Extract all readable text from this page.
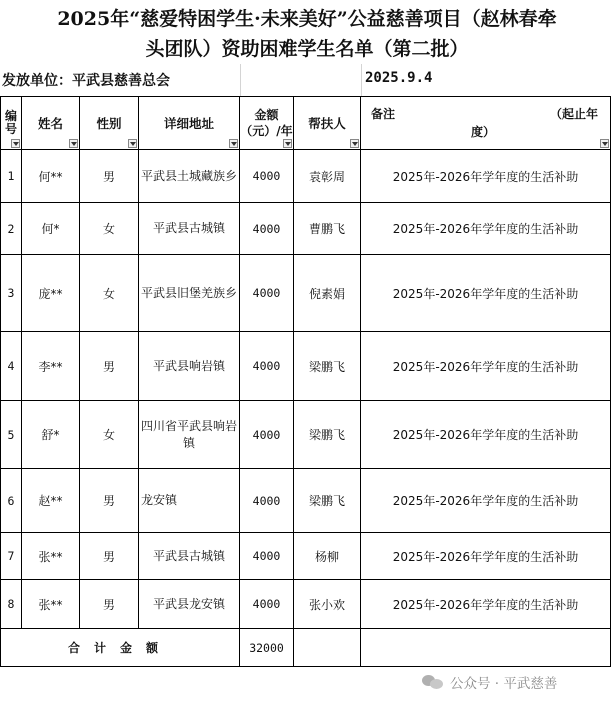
2025年“慈爱特困学生·未来美好”公益慈善项目（赵林春牵
头团队）资助困难学生名单（第二批）
发放单位：平武县慈善总会	2025.9.4
编号	姓名	性别	详细地址	金额（元）/年	帮扶人	备注 （起止年
度）

1	何**	男	平武县土城藏族乡	4000	袁彰周	2025年-2026年学年度的生活补助
2	何*	女	平武县古城镇	4000	曹鹏飞	2025年-2026年学年度的生活补助
3	庞**	女	平武县旧堡羌族乡	4000	倪素娟	2025年-2026年学年度的生活补助
4	李**	男	平武县响岩镇	4000	梁鹏飞	2025年-2026年学年度的生活补助
5	舒*	女	四川省平武县响岩镇	4000	梁鹏飞	2025年-2026年学年度的生活补助
6	赵**	男	龙安镇	4000	梁鹏飞	2025年-2026年学年度的生活补助
7	张**	男	平武县古城镇	4000	杨柳	2025年-2026年学年度的生活补助
8	张**	男	平武县龙安镇	4000	张小欢	2025年-2026年学年度的生活补助
合计金额				32000		
公众号 · 平武慈善
